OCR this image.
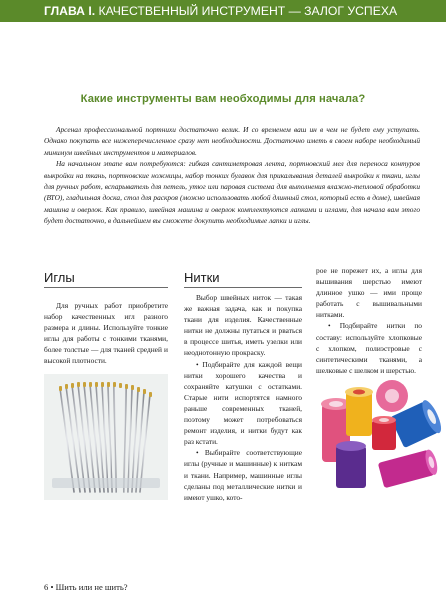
ГЛАВА I. КАЧЕСТВЕННЫЙ ИНСТРУМЕНТ — ЗАЛОГ УСПЕХА
Какие инструменты вам необходимы для начала?

Арсенал профессиональной портнихи достаточно велик. И со временем ваш ин в чем не будет ему уступать. Однако покупать все нижеперечисленное сразу нет необходимости. Достаточно иметь в своем наборе необходимый минимум швейных инструментов и материалов.

На начальном этапе вам потребуются: гибкая сантиметровая лента, портновский мел для переноса контуров выкройки на ткань, портновские ножницы, набор тонких булавок для прикалывания деталей выкройки к ткани, иглы для ручных работ, вспарыватель для петель, утюг или паровая система для выполнения влажно-тепловой обработки (ВТО), гладильная доска, стол для раскроя (можно использовать любой длинный стол, который есть в доме), швейная машина и оверлок. Как правило, швейная машина и оверлок комплектуются лапками и иглами, для начала вам этого будет достаточно, в дальнейшем вы сможете докупить необходимые лапки и иглы.

Иглы

Для ручных работ приобретите набор качественных игл разного размера и длины. Используйте тонкие иглы для работы с тонкими тканями, более толстые — для тканей средней и высокой плотности.

Нитки

Выбор швейных ниток — такая же важная задача, как и покупка ткани для изделия. Качественные нитки не должны путаться и рваться в процессе шитья, иметь узелки или неоднотонную прокраску.

• Подбирайте для каждой вещи нитки хорошего качества и сохраняйте катушки с остатками. Старые нити испортятся намного раньше современных тканей, поэтому может потребоваться ремонт изделия, и нитки будут как раз кстати.

• Выбирайте соответствующие иглы (ручные и машинные) к ниткам и ткани. Например, машинные иглы сделаны под металлические нитки и имеют ушко, кото-

рое не порежет их, а иглы для вышивания шерстью имеют длинное ушко — ими проще работать с вышивальными нитками.

• Подбирайте нитки по составу: используйте хлопковые с хлопком, полиэстровые с синтетическими тканями, а шелковые с шелком и шерстью.

6 • Шить или не шить?
